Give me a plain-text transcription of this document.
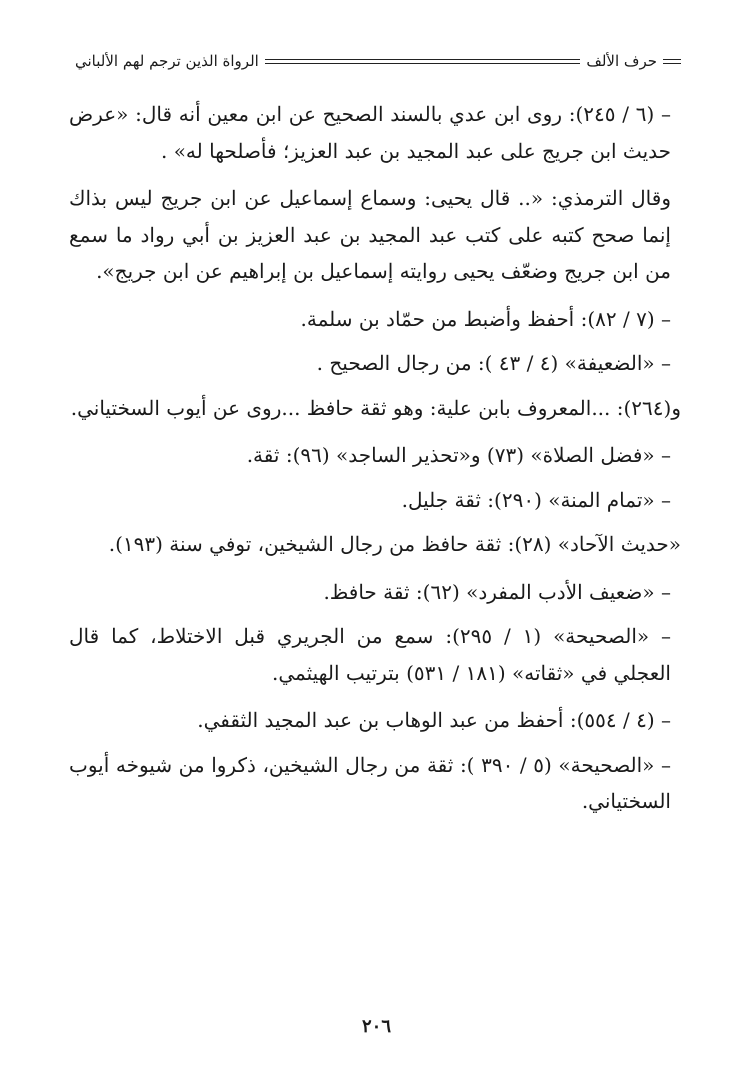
حرف الألف
الرواة الذين ترجم لهم الألباني

– (٦ / ٢٤٥): روى ابن عدي بالسند الصحيح عن ابن معين أنه قال: «عرض حديث ابن جريج على عبد المجيد بن عبد العزيز؛ فأصلحها له» .

وقال الترمذي: «.. قال يحيى: وسماع إسماعيل عن ابن جريج ليس بذاك إنما صحح كتبه على كتب عبد المجيد بن عبد العزيز بن أبي رواد ما سمع من ابن جريج وضعّف يحيى روايته إسماعيل بن إبراهيم عن ابن جريج».

– (٧ / ٨٢): أحفظ وأضبط من حمّاد بن سلمة.

– «الضعيفة» (٤ / ٤٣ ): من رجال الصحيح .

و(٢٦٤): ...المعروف بابن علية: وهو ثقة حافظ ...روى عن أيوب السختياني.

– «فضل الصلاة» (٧٣) و«تحذير الساجد» (٩٦): ثقة.

– «تمام المنة» (٢٩٠): ثقة جليل.

«حديث الآحاد» (٢٨): ثقة حافظ من رجال الشيخين، توفي سنة (١٩٣).

– «ضعيف الأدب المفرد» (٦٢): ثقة حافظ.

– «الصحيحة» (١ / ٢٩٥): سمع من الجريري قبل الاختلاط، كما قال العجلي في «ثقاته» (١٨١ / ٥٣١) بترتيب الهيثمي.

– (٤ / ٥٥٤): أحفظ من عبد الوهاب بن عبد المجيد الثقفي.

– «الصحيحة» (٥ / ٣٩٠ ): ثقة من رجال الشيخين، ذكروا من شيوخه أيوب السختياني.

٢٠٦
